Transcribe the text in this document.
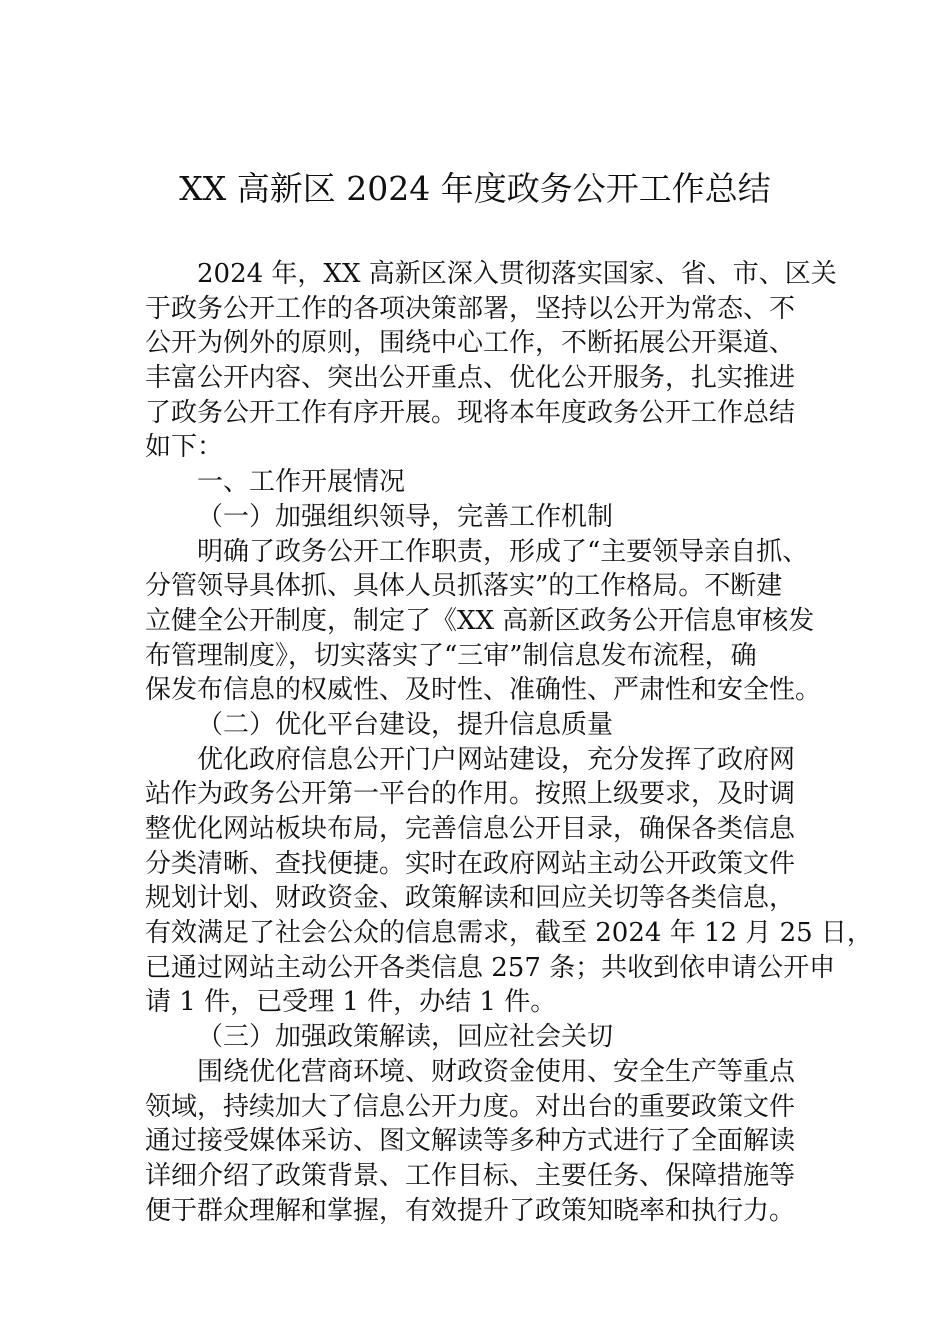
XX 高新区 2024 年度政务公开工作总结
2024 年，XX 高新区深入贯彻落实国家、省、市、区关
于政务公开工作的各项决策部署，坚持以公开为常态、不
公开为例外的原则，围绕中心工作，不断拓展公开渠道、
丰富公开内容、突出公开重点、优化公开服务，扎实推进
了政务公开工作有序开展。现将本年度政务公开工作总结
如下：
一、工作开展情况
（一）加强组织领导，完善工作机制
明确了政务公开工作职责，形成了“主要领导亲自抓、
分管领导具体抓、具体人员抓落实”的工作格局。不断建
立健全公开制度，制定了《XX 高新区政务公开信息审核发
布管理制度》，切实落实了“三审”制信息发布流程，确
保发布信息的权威性、及时性、准确性、严肃性和安全性。
（二）优化平台建设，提升信息质量
优化政府信息公开门户网站建设，充分发挥了政府网
站作为政务公开第一平台的作用。按照上级要求，及时调
整优化网站板块布局，完善信息公开目录，确保各类信息
分类清晰、查找便捷。实时在政府网站主动公开政策文件
规划计划、财政资金、政策解读和回应关切等各类信息，
有效满足了社会公众的信息需求，截至 2024 年 12 月 25 日，
已通过网站主动公开各类信息 257 条；共收到依申请公开申
请 1 件，已受理 1 件，办结 1 件。
（三）加强政策解读，回应社会关切
围绕优化营商环境、财政资金使用、安全生产等重点
领域，持续加大了信息公开力度。对出台的重要政策文件
通过接受媒体采访、图文解读等多种方式进行了全面解读
详细介绍了政策背景、工作目标、主要任务、保障措施等
便于群众理解和掌握，有效提升了政策知晓率和执行力。
